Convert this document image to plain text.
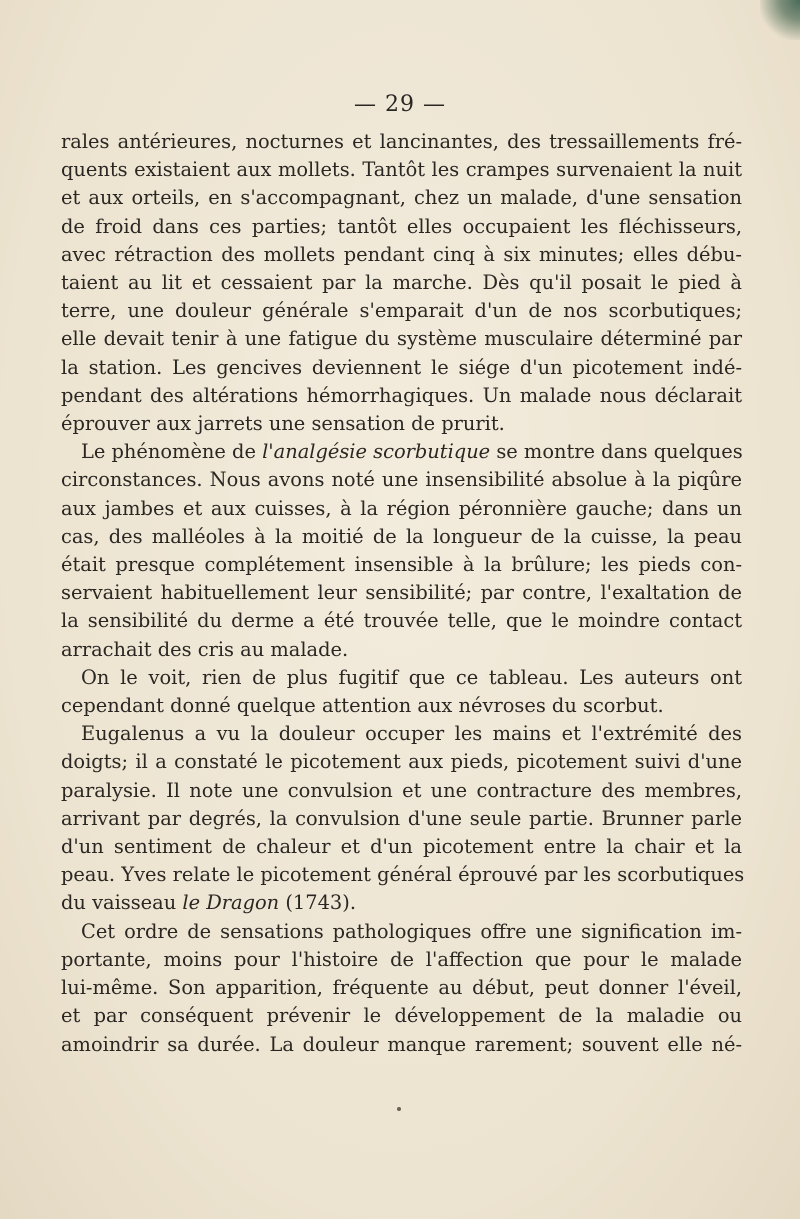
— 29 —
rales antérieures, nocturnes et lancinantes, des tressaillements fré-
quents existaient aux mollets. Tantôt les crampes survenaient la nuit
et aux orteils, en s'accompagnant, chez un malade, d'une sensation
de froid dans ces parties; tantôt elles occupaient les fléchisseurs,
avec rétraction des mollets pendant cinq à six minutes; elles débu-
taient au lit et cessaient par la marche. Dès qu'il posait le pied à
terre, une douleur générale s'emparait d'un de nos scorbutiques;
elle devait tenir à une fatigue du système musculaire déterminé par
la station. Les gencives deviennent le siége d'un picotement indé-
pendant des altérations hémorrhagiques. Un malade nous déclarait
éprouver aux jarrets une sensation de prurit.
Le phénomène de l'analgésie scorbutique se montre dans quelques
circonstances. Nous avons noté une insensibilité absolue à la piqûre
aux jambes et aux cuisses, à la région péronnière gauche; dans un
cas, des malléoles à la moitié de la longueur de la cuisse, la peau
était presque complétement insensible à la brûlure; les pieds con-
servaient habituellement leur sensibilité; par contre, l'exaltation de
la sensibilité du derme a été trouvée telle, que le moindre contact
arrachait des cris au malade.
On le voit, rien de plus fugitif que ce tableau. Les auteurs ont
cependant donné quelque attention aux névroses du scorbut.
Eugalenus a vu la douleur occuper les mains et l'extrémité des
doigts; il a constaté le picotement aux pieds, picotement suivi d'une
paralysie. Il note une convulsion et une contracture des membres,
arrivant par degrés, la convulsion d'une seule partie. Brunner parle
d'un sentiment de chaleur et d'un picotement entre la chair et la
peau. Yves relate le picotement général éprouvé par les scorbutiques
du vaisseau le Dragon (1743).
Cet ordre de sensations pathologiques offre une signification im-
portante, moins pour l'histoire de l'affection que pour le malade
lui-même. Son apparition, fréquente au début, peut donner l'éveil,
et par conséquent prévenir le développement de la maladie ou
amoindrir sa durée. La douleur manque rarement; souvent elle né-
